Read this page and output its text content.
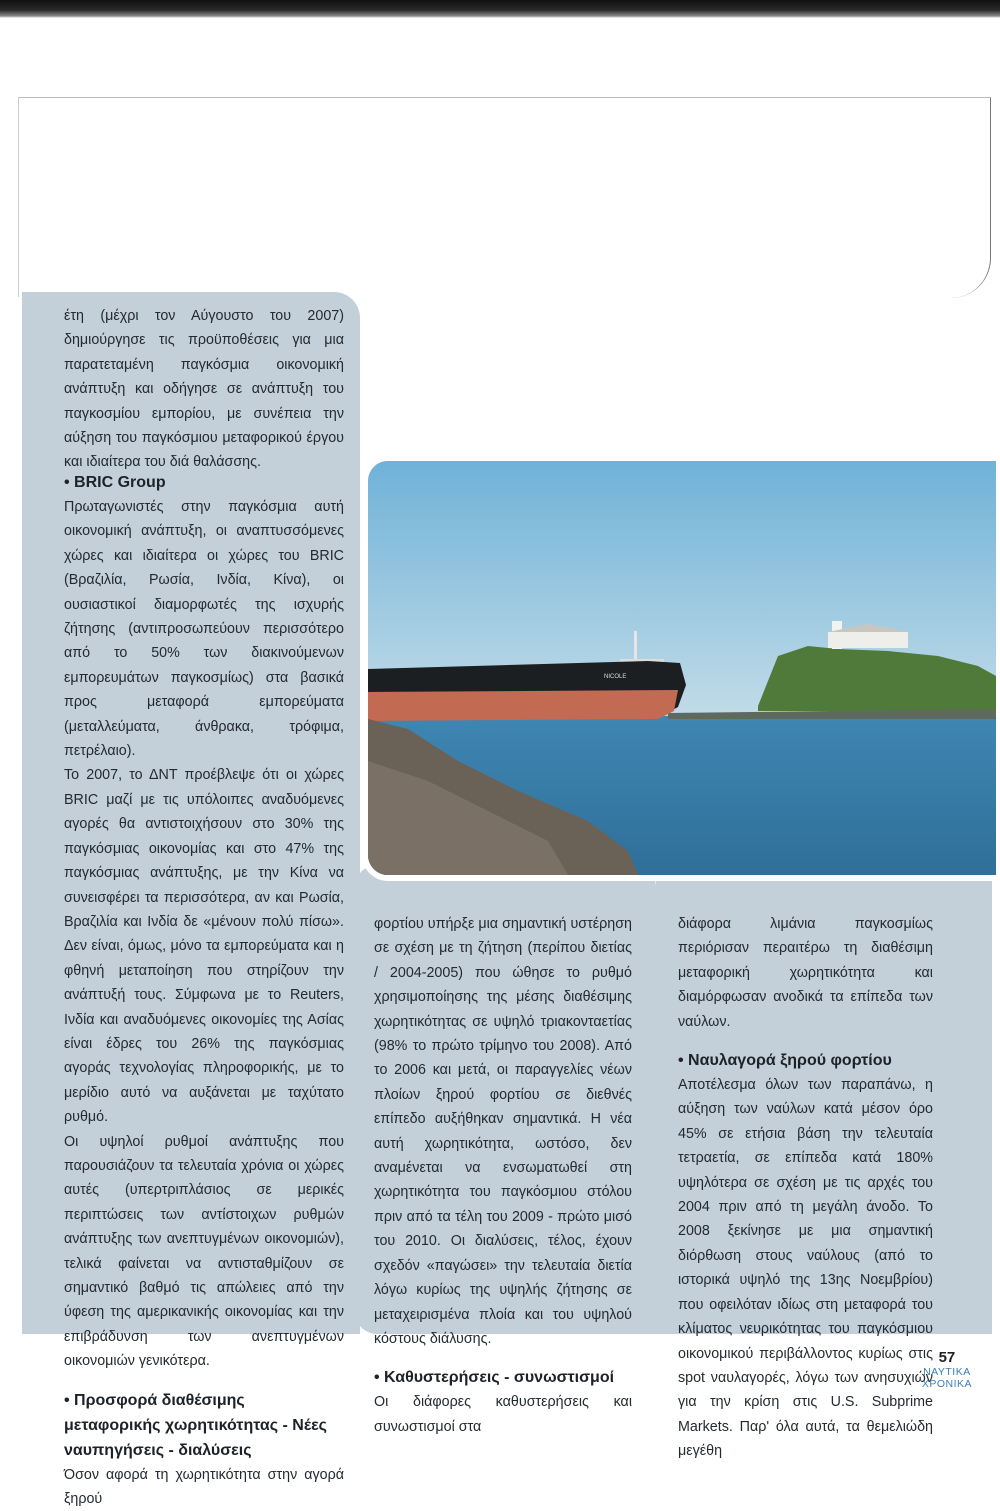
NICOLE

έτη (μέχρι τον Αύγουστο του 2007) δημιούργησε τις προϋποθέσεις για μια παρατεταμένη παγκόσμια οικονομική ανάπτυξη και οδήγησε σε ανάπτυξη του παγκοσμίου εμπορίου, με συνέπεια την αύξηση του παγκόσμιου μεταφορικού έργου και ιδιαίτερα του διά θαλάσσης.

• BRIC Group

Πρωταγωνιστές στην παγκόσμια αυτή οικονομική ανάπτυξη, οι αναπτυσσόμενες χώρες και ιδιαίτερα οι χώρες του BRIC (Βραζιλία, Ρωσία, Ινδία, Κίνα), οι ουσιαστικοί διαμορφωτές της ισχυρής ζήτησης (αντιπροσωπεύουν περισσότερο από το 50% των διακινούμενων εμπορευμάτων παγκοσμίως) στα βασικά προς μεταφορά εμπορεύματα (μεταλλεύματα, άνθρακα, τρόφιμα, πετρέλαιο).

Το 2007, το ΔΝΤ προέβλεψε ότι οι χώρες BRIC μαζί με τις υπόλοιπες αναδυόμενες αγορές θα αντιστοιχήσουν στο 30% της παγκόσμιας οικονομίας και στο 47% της παγκόσμιας ανάπτυξης, με την Κίνα να συνεισφέρει τα περισσότερα, αν και Ρωσία, Βραζιλία και Ινδία δε «μένουν πολύ πίσω». Δεν είναι, όμως, μόνο τα εμπορεύματα και η φθηνή μεταποίηση που στηρίζουν την ανάπτυξή τους. Σύμφωνα με το Reuters, Ινδία και αναδυόμενες οικονομίες της Ασίας είναι έδρες του 26% της παγκόσμιας αγοράς τεχνολογίας πληροφορικής, με το μερίδιο αυτό να αυξάνεται με ταχύτατο ρυθμό.

Οι υψηλοί ρυθμοί ανάπτυξης που παρουσιάζουν τα τελευταία χρόνια οι χώρες αυτές (υπερτριπλάσιος σε μερικές περιπτώσεις των αντίστοιχων ρυθμών ανάπτυξης των ανεπτυγμένων οικονομιών), τελικά φαίνεται να αντισταθμίζουν σε σημαντικό βαθμό τις απώλειες από την ύφεση της αμερικανικής οικονομίας και την επιβράδυνση των ανεπτυγμένων οικονομιών γενικότερα.

• Προσφορά διαθέσιμης μεταφορικής χωρητικότητας - Νέες ναυπηγήσεις - διαλύσεις

Όσον αφορά τη χωρητικότητα στην αγορά ξηρού

φορτίου υπήρξε μια σημαντική υστέρηση σε σχέση με τη ζήτηση (περίπου διετίας / 2004-2005) που ώθησε το ρυθμό χρησιμοποίησης της μέσης διαθέσιμης χωρητικότητας σε υψηλό τριακονταετίας (98% το πρώτο τρίμηνο του 2008). Από το 2006 και μετά, οι παραγγελίες νέων πλοίων ξηρού φορτίου σε διεθνές επίπεδο αυξήθηκαν σημαντικά. Η νέα αυτή χωρητικότητα, ωστόσο, δεν αναμένεται να ενσωματωθεί στη χωρητικότητα του παγκόσμιου στόλου πριν από τα τέλη του 2009 - πρώτο μισό του 2010. Οι διαλύσεις, τέλος, έχουν σχεδόν «παγώσει» την τελευταία διετία λόγω κυρίως της υψηλής ζήτησης σε μεταχειρισμένα πλοία και του υψηλού κόστους διάλυσης.

• Καθυστερήσεις - συνωστισμοί

Οι διάφορες καθυστερήσεις και συνωστισμοί στα

διάφορα λιμάνια παγκοσμίως περιόρισαν περαιτέρω τη διαθέσιμη μεταφορική χωρητικότητα και διαμόρφωσαν ανοδικά τα επίπεδα των ναύλων.

• Ναυλαγορά ξηρού φορτίου

Αποτέλεσμα όλων των παραπάνω, η αύξηση των ναύλων κατά μέσον όρο 45% σε ετήσια βάση την τελευταία τετραετία, σε επίπεδα κατά 180% υψηλότερα σε σχέση με τις αρχές του 2004 πριν από τη μεγάλη άνοδο. Το 2008 ξεκίνησε με μια σημαντική διόρθωση στους ναύλους (από το ιστορικά υψηλό της 13ης Νοεμβρίου) που οφειλόταν ιδίως στη μεταφορά του κλίματος νευρικότητας του παγκόσμιου οικονομικού περιβάλλοντος κυρίως στις spot ναυλαγορές, λόγω των ανησυχιών για την κρίση στις U.S. Subprime Markets. Παρ' όλα αυτά, τα θεμελιώδη μεγέθη

57
ΝΑΥΤΙΚΑ
ΧΡΟΝΙΚΑ
